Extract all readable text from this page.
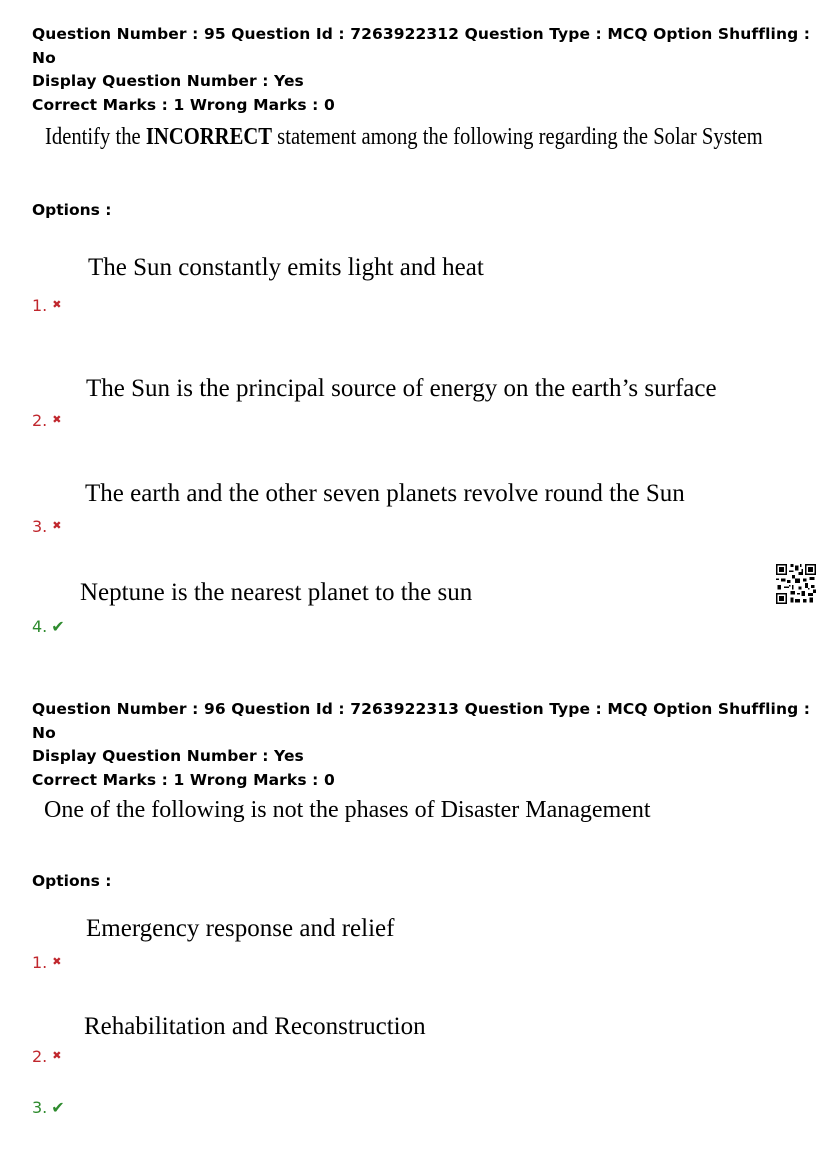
Question Number : 95 Question Id : 7263922312 Question Type : MCQ Option Shuffling : No
Display Question Number : Yes
Correct Marks : 1 Wrong Marks : 0
Identify the INCORRECT statement among the following regarding the Solar System
Options :
The Sun constantly emits light and heat
1. ✖
The Sun is the principal source of energy on the earth’s surface
2. ✖
The earth and the other seven planets revolve round the Sun
3. ✖
Neptune is the nearest planet to the sun
4. ✔
Question Number : 96 Question Id : 7263922313 Question Type : MCQ Option Shuffling : No
Display Question Number : Yes
Correct Marks : 1 Wrong Marks : 0
One of the following is not the phases of Disaster Management
Options :
Emergency response and relief
1. ✖
Rehabilitation and Reconstruction
2. ✖
3. ✔
